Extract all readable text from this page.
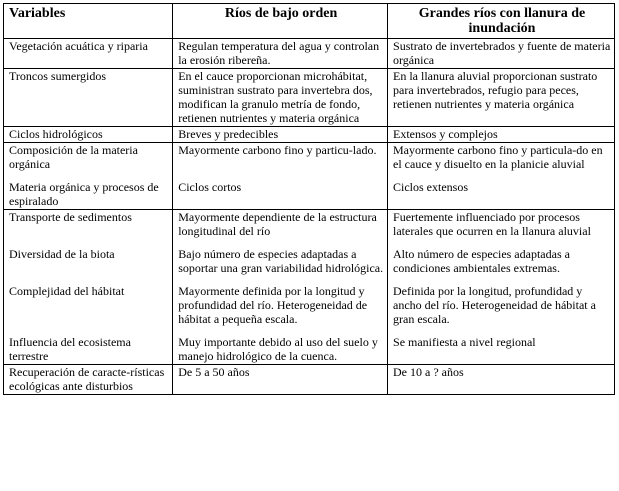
Variables	Ríos de bajo orden	Grandes ríos con llanura de inundación
Vegetación acuática y riparia	Regulan temperatura del agua y controlan la erosión ribereña.	Sustrato de invertebrados y fuente de materia orgánica
Troncos sumergidos	En el cauce proporcionan microhábitat, suministran sustrato para invertebra dos, modifican la granulo metría de fondo, retienen nutrientes y materia orgánica	En la llanura aluvial proporcionan sustrato para invertebrados, refugio para peces, retienen nutrientes y materia orgánica
Ciclos hidrológicos	Breves y predecibles	Extensos y complejos
Composición de la materia orgánica	Mayormente carbono fino y particu-lado.	Mayormente carbono fino y particula-do en el cauce y disuelto en la planicie aluvial
Materia orgánica y procesos de espiralado	Ciclos cortos	Ciclos extensos
Transporte de sedimentos	Mayormente dependiente de la estructura longitudinal del río	Fuertemente influenciado por procesos laterales que ocurren en la llanura aluvial
Diversidad de la biota	Bajo número de especies adaptadas a soportar una gran variabilidad hidrológica.	Alto número de especies adaptadas a condiciones ambientales extremas.
Complejidad del hábitat	Mayormente definida por la longitud y profundidad del río. Heterogeneidad de hábitat a pequeña escala.	Definida por la longitud, profundidad y ancho del río. Heterogeneidad de hábitat a gran escala.
Influencia del ecosistema terrestre	Muy importante debido al uso del suelo y manejo hidrológico de la cuenca.	Se manifiesta a nivel regional
Recuperación de caracte-rísticas ecológicas ante disturbios	De 5 a 50 años	De 10 a ? años
